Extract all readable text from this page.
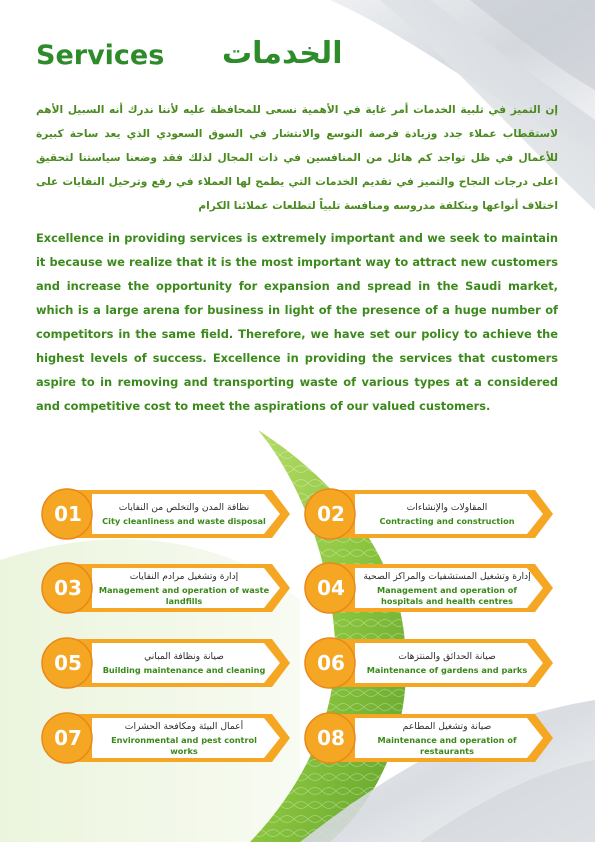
Services الخدمات

إن التميز في تلبية الخدمات أمر غاية في الأهمية نسعى للمحافظة عليه لأننا ندرك أنه السبيل الأهم لاستقطاب عملاء جدد وزيادة فرصة التوسع والانتشار في السوق السعودي الذي يعد ساحة كبيرة للأعمال في ظل تواجد كم هائل من المنافسين في ذات المجال لذلك فقد وضعنا سياستنا لتحقيق اعلى درجات النجاح والتميز في تقديم الخدمات التي يطمح لها العملاء في رفع وترحيل النفايات على اختلاف أنواعها وبتكلفة مدروسه ومنافسة تلبياً لتطلعات عملائنا الكرام

Excellence in providing services is extremely important and we seek to maintain it because we realize that it is the most important way to attract new customers and increase the opportunity for expansion and spread in the Saudi market, which is a large arena for business in light of the presence of a huge number of competitors in the same field. Therefore, we have set our policy to achieve the highest levels of success. Excellence in providing the services that customers aspire to in removing and transporting waste of various types at a considered and competitive cost to meet the aspirations of our valued customers.

01	نظافة المدن والتخلص من النفايات
City cleanliness and waste disposal	02	المقاولات والإنشاءات
Contracting and construction
03	إدارة وتشغيل مرادم النفايات
Management and operation of waste landfills
04	إدارة وتشغيل المستشفيات والمراكز الصحية
Management and operation of hospitals and health centres
05	صيانة ونظافة المباني
Building maintenance and cleaning	06	صيانة الحدائق والمنتزهات
Maintenance of gardens and parks
07	أعمال البيئة ومكافحة الحشرات
Environmental and pest control works
08	صيانة وتشغيل المطاعم
Maintenance and operation of restaurants
